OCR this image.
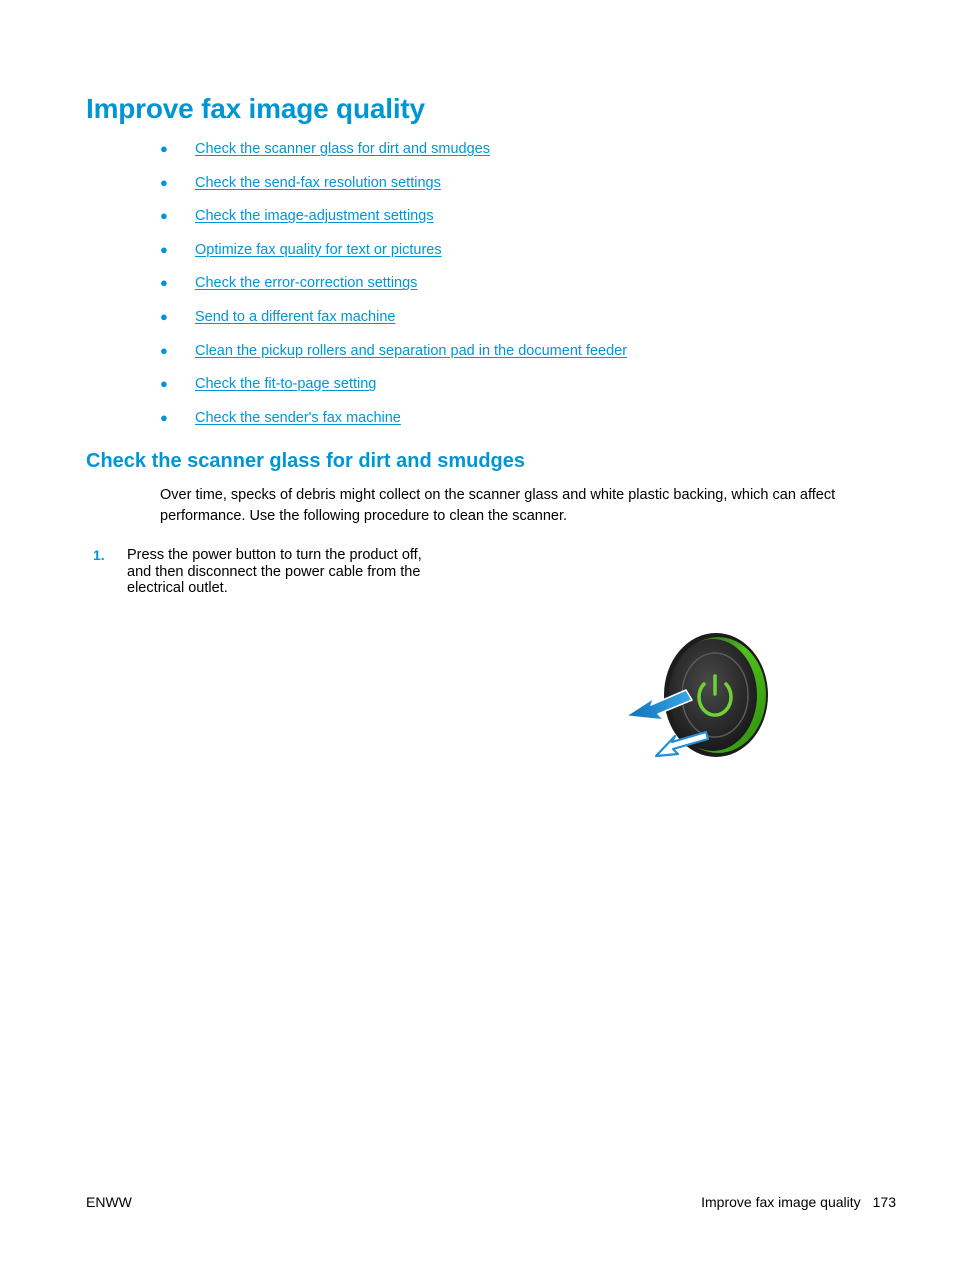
Improve fax image quality
● Check the scanner glass for dirt and smudges
● Check the send-fax resolution settings
● Check the image-adjustment settings
● Optimize fax quality for text or pictures
● Check the error-correction settings
● Send to a different fax machine
● Clean the pickup rollers and separation pad in the document feeder
● Check the fit-to-page setting
● Check the sender's fax machine
Check the scanner glass for dirt and smudges

Over time, specks of debris might collect on the scanner glass and white plastic backing, which can affect performance. Use the following procedure to clean the scanner.

1. Press the power button to turn the product off, and then disconnect the power cable from the electrical outlet.

ENWW	Improve fax image quality 173
